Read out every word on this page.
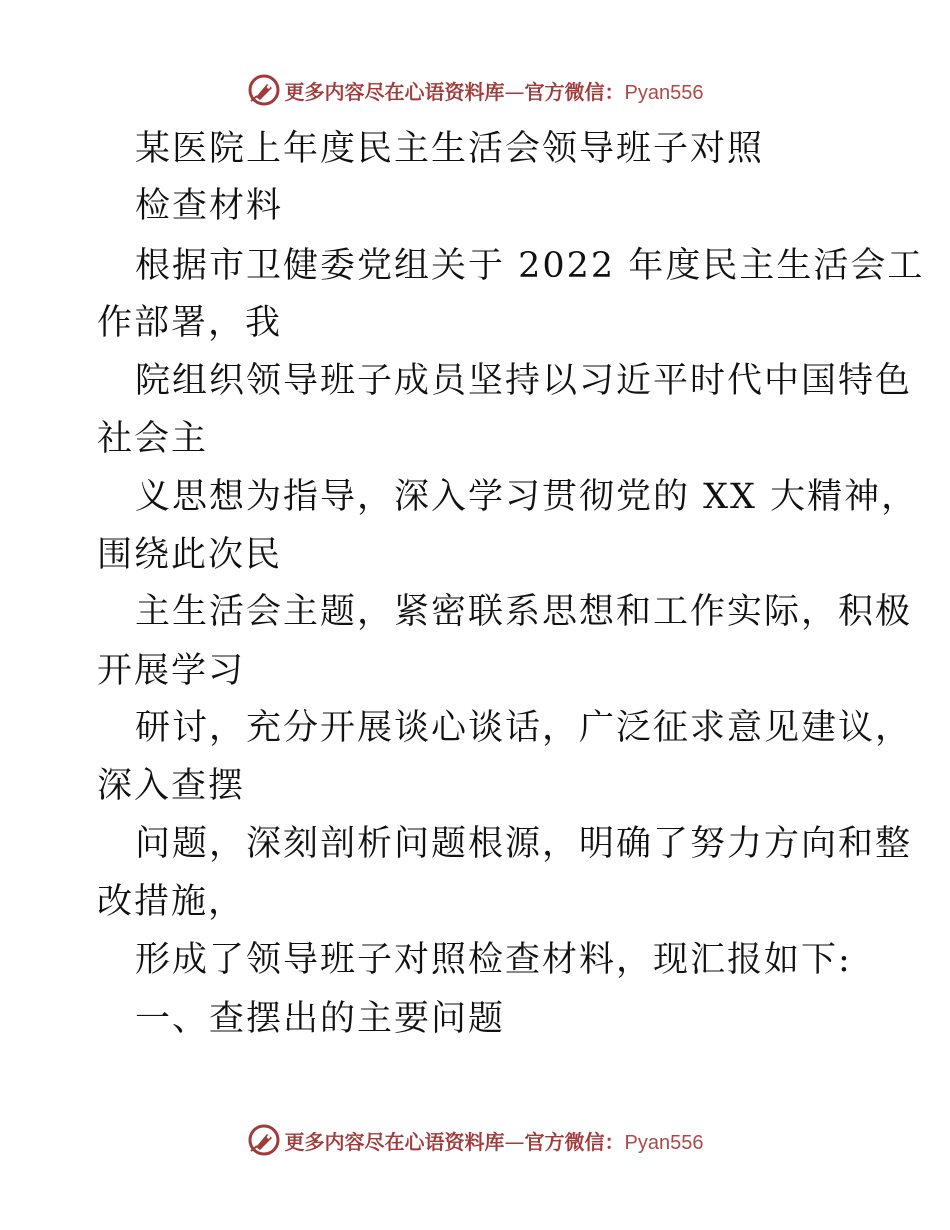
更多内容尽在心语资料库—官方微信：Pyan556
某医院上年度民主生活会领导班子对照
检查材料
根据市卫健委党组关于 2022 年度民主生活会工
作部署，我
院组织领导班子成员坚持以习近平时代中国特色
社会主
义思想为指导，深入学习贯彻党的 XX 大精神，
围绕此次民
主生活会主题，紧密联系思想和工作实际，积极
开展学习
研讨，充分开展谈心谈话，广泛征求意见建议，
深入查摆
问题，深刻剖析问题根源，明确了努力方向和整
改措施，
形成了领导班子对照检查材料，现汇报如下:
一、查摆出的主要问题
更多内容尽在心语资料库—官方微信：Pyan556
